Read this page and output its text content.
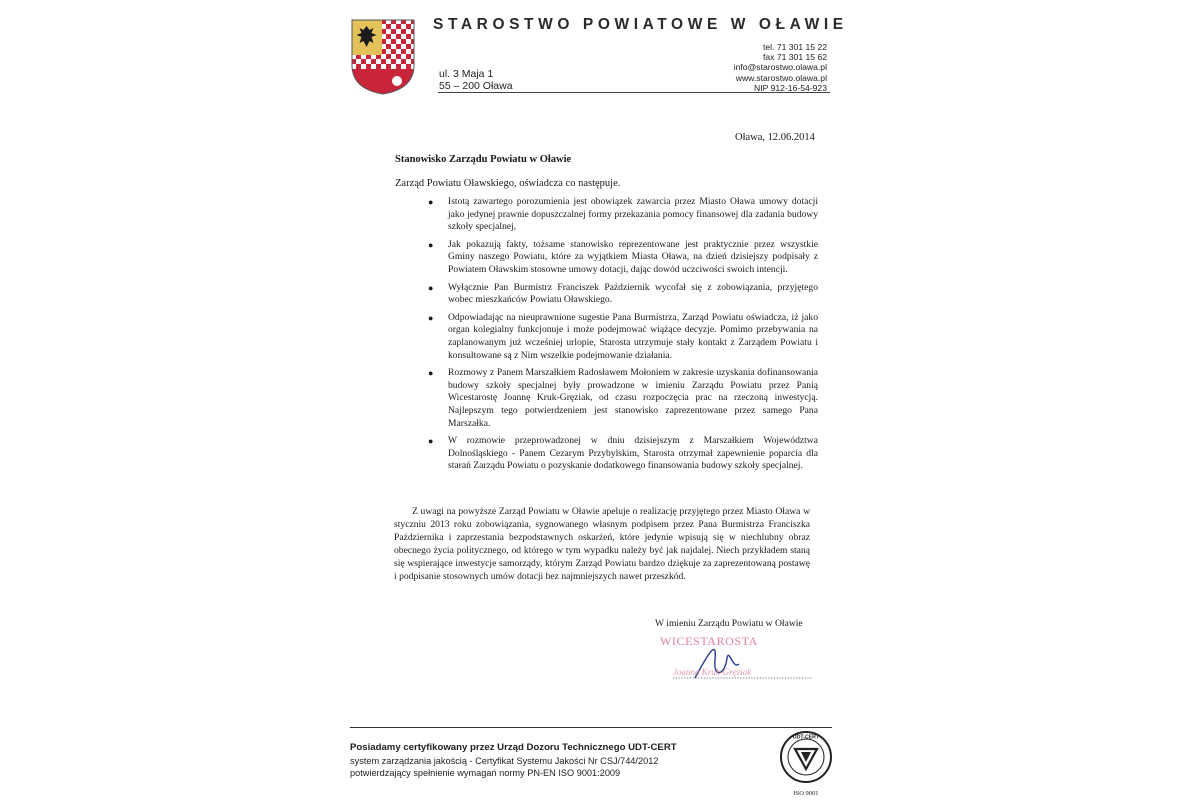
STAROSTWO POWIATOWE W OŁAWIE
ul. 3 Maja 1
55 – 200 Oława
tel. 71 301 15 22
fax 71 301 15 62
info@starostwo.olawa.pl
www.starostwo.olawa.pl
NIP 912-16-54-923
Oława, 12.06.2014
Stanowisko Zarządu Powiatu w Oławie
Zarząd Powiatu Oławskiego, oświadcza co następuje.
● Istotą zawartego porozumienia jest obowiązek zawarcia przez Miasto Oława umowy dotacji jako jedynej prawnie dopuszczalnej formy przekazania pomocy finansowej dla zadania budowy szkoły specjalnej,
● Jak pokazują fakty, tożsame stanowisko reprezentowane jest praktycznie przez wszystkie Gminy naszego Powiatu, które za wyjątkiem Miasta Oława, na dzień dzisiejszy podpisały z Powiatem Oławskim stosowne umowy dotacji, dając dowód uczciwości swoich intencji.
● Wyłącznie Pan Burmistrz Franciszek Październik wycofał się z zobowiązania, przyjętego wobec mieszkańców Powiatu Oławskiego.
● Odpowiadając na nieuprawnione sugestie Pana Burmistrza, Zarząd Powiatu oświadcza, iż jako organ kolegialny funkcjonuje i może podejmować wiążące decyzje. Pomimo przebywania na zaplanowanym już wcześniej urlopie, Starosta utrzymuje stały kontakt z Zarządem Powiatu i konsultowane są z Nim wszelkie podejmowanie działania.
● Rozmowy z Panem Marszałkiem Radosławem Mołoniem w zakresie uzyskania dofinansowania budowy szkoły specjalnej były prowadzone w imieniu Zarządu Powiatu przez Panią Wicestarostę Joannę Kruk-Gręziak, od czasu rozpoczęcia prac na rzeczoną inwestycją. Najlepszym tego potwierdzeniem jest stanowisko zaprezentowane przez samego Pana Marszałka.
● W rozmowie przeprowadzonej w dniu dzisiejszym z Marszałkiem Województwa Dolnośląskiego - Panem Cezarym Przybylskim, Starosta otrzymał zapewnienie poparcia dla starań Zarządu Powiatu o pozyskanie dodatkowego finansowania budowy szkoły specjalnej.
Z uwagi na powyższe Zarząd Powiatu w Oławie apeluje o realizację przyjętego przez Miasto Oława w styczniu 2013 roku zobowiązania, sygnowanego własnym podpisem przez Pana Burmistrza Franciszka Października i zaprzestania bezpodstawnych oskarżeń, które jedynie wpisują się w niechlubny obraz obecnego życia politycznego, od którego w tym wypadku należy być jak najdalej. Niech przykładem staną się wspierające inwestycje samorządy, którym Zarząd Powiatu bardzo dziękuje za zaprezentowaną postawę i podpisanie stosownych umów dotacji bez najmniejszych nawet przeszkód.
W imieniu Zarządu Powiatu w Oławie
WICESTAROSTA
Joanna Kruk-Gręziak
Posiadamy certyfikowany przez Urząd Dozoru Technicznego UDT-CERT
system zarządzania jakością - Certyfikat Systemu Jakości Nr CSJ/744/2012
potwierdzający spełnienie wymagań normy PN-EN ISO 9001:2009
UDT-CERT
ISO 9001
